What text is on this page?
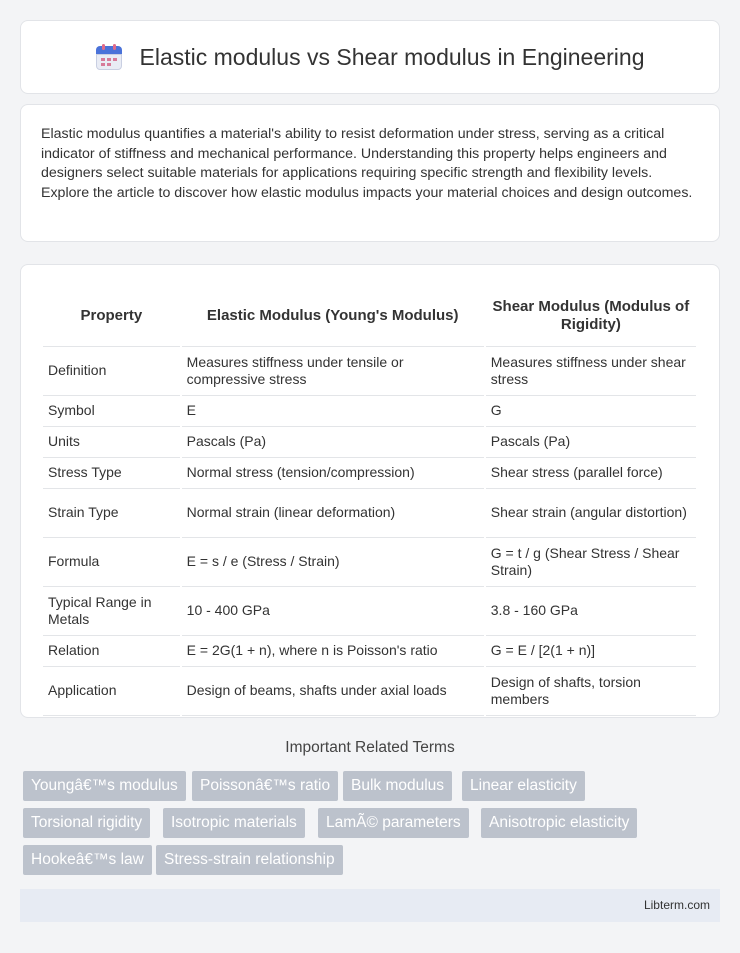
Elastic modulus vs Shear modulus in Engineering

Elastic modulus quantifies a material's ability to resist deformation under stress, serving as a critical indicator of stiffness and mechanical performance. Understanding this property helps engineers and designers select suitable materials for applications requiring specific strength and flexibility levels. Explore the article to discover how elastic modulus impacts your material choices and design outcomes.

Property	Elastic Modulus (Young's Modulus)	Shear Modulus (Modulus of Rigidity)
Definition	Measures stiffness under tensile or compressive stress	Measures stiffness under shear stress
Symbol	E	G
Units	Pascals (Pa)	Pascals (Pa)
Stress Type	Normal stress (tension/compression)	Shear stress (parallel force)
Strain Type	Normal strain (linear deformation)	Shear strain (angular distortion)
Formula	E = s / e (Stress / Strain)	G = t / g (Shear Stress / Shear Strain)
Typical Range in Metals	10 - 400 GPa	3.8 - 160 GPa
Relation	E = 2G(1 + n), where n is Poisson's ratio	G = E / [2(1 + n)]
Application	Design of beams, shafts under axial loads	Design of shafts, torsion members
Important Related Terms
Youngâ€™s modulus	Poissonâ€™s ratio	Bulk modulus	Linear elasticity
Torsional rigidity	Isotropic materials	LamÃ© parameters	Anisotropic elasticity
Hookeâ€™s law	Stress-strain relationship
Libterm.com
